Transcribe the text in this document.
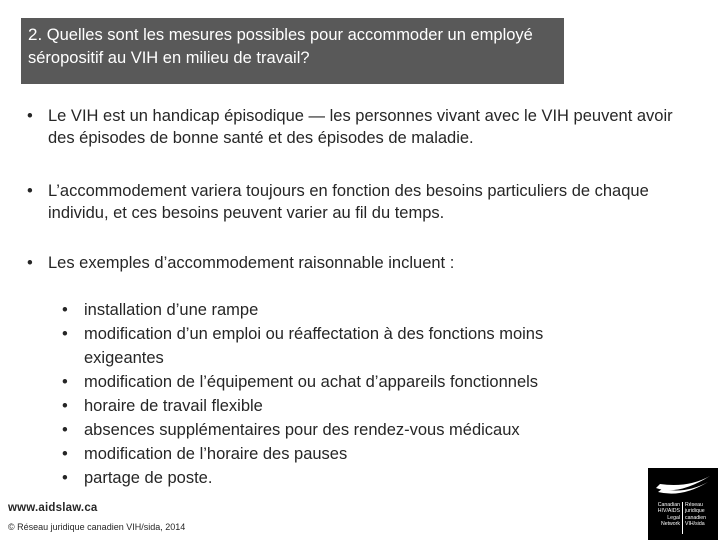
2. Quelles sont les mesures possibles pour accommoder un employé séropositif au VIH en milieu de travail?
• Le VIH est un handicap épisodique — les personnes vivant avec le VIH peuvent avoir des épisodes de bonne santé et des épisodes de maladie.
• L’accommodement variera toujours en fonction des besoins particuliers de chaque individu, et ces besoins peuvent varier au fil du temps.
• Les exemples d’accommodement raisonnable incluent :
• installation d’une rampe
• modification d’un emploi ou réaffectation à des fonctions moins exigeantes
• modification de l’équipement ou achat d’appareils fonctionnels
• horaire de travail flexible
• absences supplémentaires pour des rendez-vous médicaux
• modification de l’horaire des pauses
• partage de poste.
www.aidslaw.ca
© Réseau juridique canadien VIH/sida, 2014
Canadian
HIV/AIDS
Legal
Network
Réseau
juridique
canadien
VIH/sida
